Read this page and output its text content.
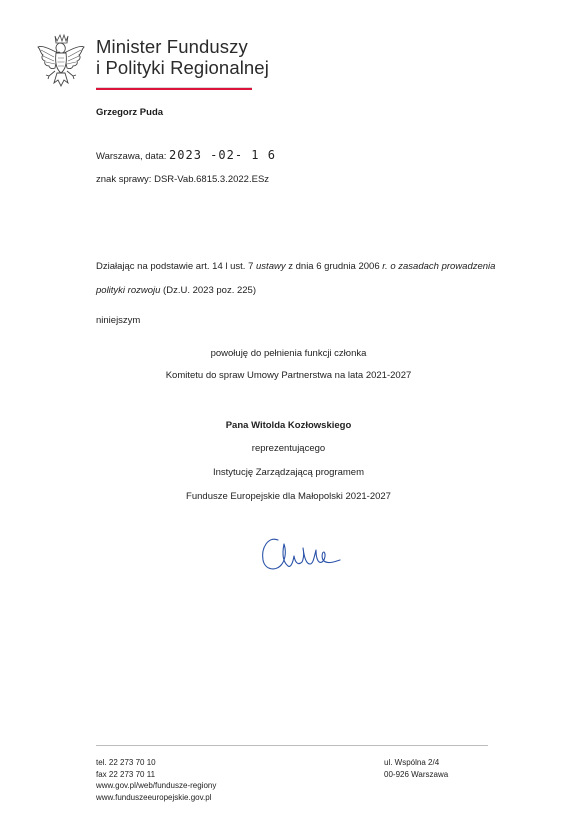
Minister Funduszy
i Polityki Regionalnej
Grzegorz Puda
Warszawa, data: 2023 -02- 1 6
znak sprawy: DSR-Vab.6815.3.2022.ESz
Działając na podstawie art. 14 l ust. 7 ustawy z dnia 6 grudnia 2006 r. o zasadach prowadzenia polityki rozwoju (Dz.U. 2023 poz. 225)
niniejszym
powołuję do pełnienia funkcji członka
Komitetu do spraw Umowy Partnerstwa na lata 2021-2027
Pana Witolda Kozłowskiego
reprezentującego
Instytucję Zarządzającą programem
Fundusze Europejskie dla Małopolski 2021-2027
tel. 22 273 70 10
fax 22 273 70 11
www.gov.pl/web/fundusze-regiony
www.funduszeeuropejskie.gov.pl
ul. Wspólna 2/4
00-926 Warszawa
